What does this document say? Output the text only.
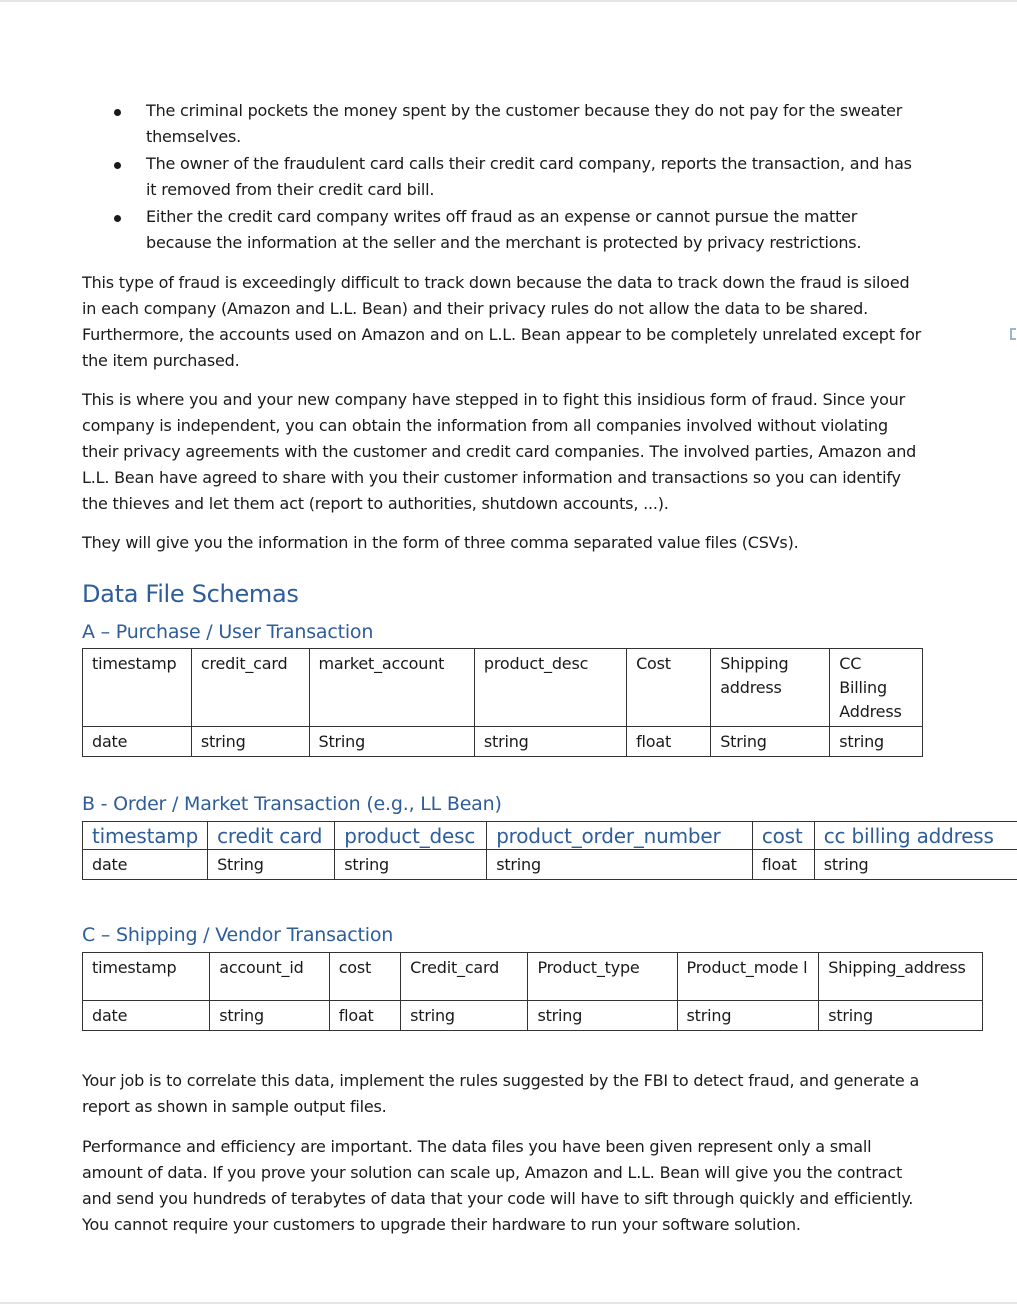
The criminal pockets the money spent by the customer because they do not pay for the sweater themselves.
The owner of the fraudulent card calls their credit card company, reports the transaction, and has it removed from their credit card bill.
Either the credit card company writes off fraud as an expense or cannot pursue the matter because the information at the seller and the merchant is protected by privacy restrictions.

This type of fraud is exceedingly difficult to track down because the data to track down the fraud is siloed in each company (Amazon and L.L. Bean) and their privacy rules do not allow the data to be shared. Furthermore, the accounts used on Amazon and on L.L. Bean appear to be completely unrelated except for the item purchased.

This is where you and your new company have stepped in to fight this insidious form of fraud. Since your company is independent, you can obtain the information from all companies involved without violating their privacy agreements with the customer and credit card companies. The involved parties, Amazon and L.L. Bean have agreed to share with you their customer information and transactions so you can identify the thieves and let them act (report to authorities, shutdown accounts, ...).

They will give you the information in the form of three comma separated value files (CSVs).

Data File Schemas
A – Purchase / User Transaction
timestamp	credit_card	market_account	product_desc	Cost	Shipping address	CC Billing Address
date	string	String	string	float	String	string
B - Order / Market Transaction (e.g., LL Bean)
timestamp	credit card	product_desc	product_order_number	cost	cc billing address
date	String	string	string	float	string
C – Shipping / Vendor Transaction
timestamp	account_id	cost	Credit_card	Product_type	Product_mode l	Shipping_address
date	string	float	string	string	string	string

Your job is to correlate this data, implement the rules suggested by the FBI to detect fraud, and generate a report as shown in sample output files.

Performance and efficiency are important. The data files you have been given represent only a small amount of data. If you prove your solution can scale up, Amazon and L.L. Bean will give you the contract and send you hundreds of terabytes of data that your code will have to sift through quickly and efficiently. You cannot require your customers to upgrade their hardware to run your software solution.
